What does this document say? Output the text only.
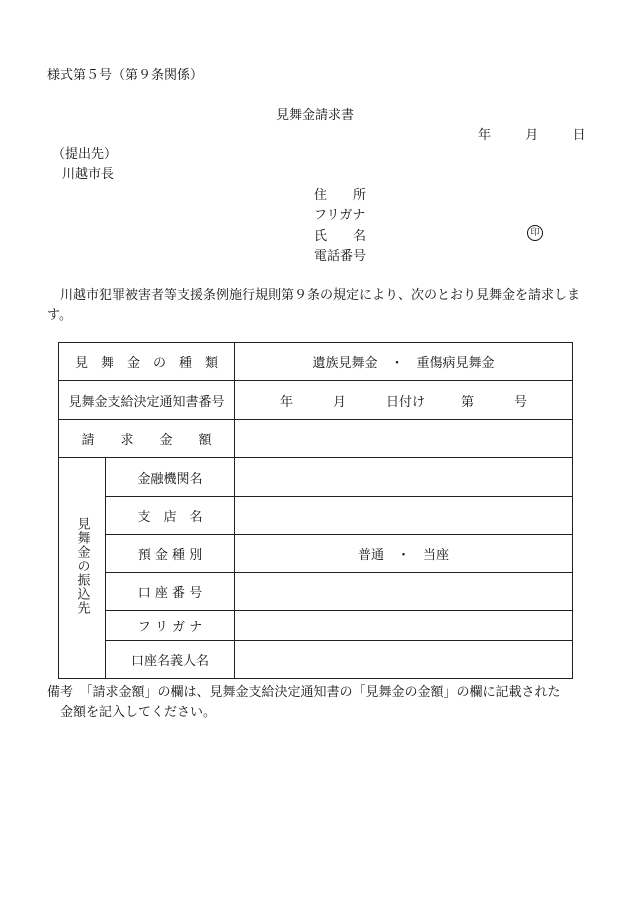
様式第５号（第９条関係）
見舞金請求書
年	月	日
（提出先）
川越市長
住　　所
フリガナ
氏　　名	印
電話番号
川越市犯罪被害者等支援条例施行規則第９条の規定により、次のとおり見舞金を請求します。
見　舞　金　の　種　類		遺族見舞金　・　重傷病見舞金
見舞金支給決定通知書番号		年 月 日付け 第 号
請　　求　　金　　額		
見舞金の振込先	金融機関名	
	支　店　名	
	預 金 種 別	普通　・　当座
	口 座 番 号	
	フ リ ガ ナ	
	口座名義人名	
備考　「請求金額」の欄は、見舞金支給決定通知書の「見舞金の金額」の欄に記載された
金額を記入してください。
